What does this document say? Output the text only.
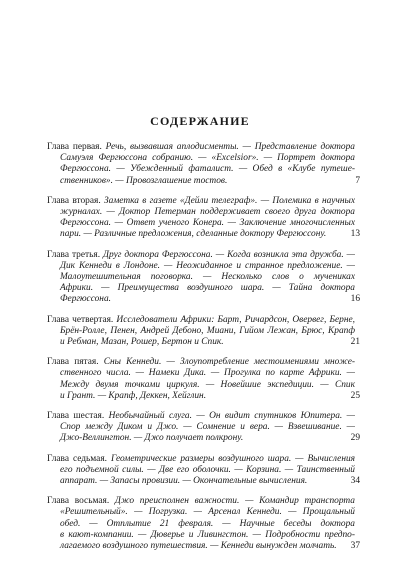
СОДЕРЖАНИЕ
Глава первая. Речь, вызвавшая аплодисменты. — Представление доктора
Самуэля Фергюссона собранию. — «Excelsior». — Портрет доктора
Фергюссона. — Убежденный фаталист. — Обед в «Клубе путеше-
ственников». — Провозглашение тостов.	7
Глава вторая. Заметка в газете «Дейли телеграф». — Полемика в научных
журналах. — Доктор Петерман поддерживает своего друга доктора
Фергюссона. — Ответ ученого Конера. — Заключение многочисленных
пари. — Различные предложения, сделанные доктору Фергюссону.	13
Глава третья. Друг доктора Фергюссона. — Когда возникла эта дружба. —
Дик Кеннеди в Лондоне. — Неожиданное и странное предложение. —
Малоутешительная поговорка. — Несколько слов о мучениках
Африки. — Преимущества воздушного шара. — Тайна доктора
Фергюссона.	16
Глава четвертая. Исследователи Африки: Барт, Ричардсон, Овервег, Берне,
Брён-Ролле, Пенен, Андрей Дебоно, Миани, Гийом Лежан, Брюс, Крапф
и Ребман, Мазан, Рошер, Бертон и Спик.	21
Глава пятая. Сны Кеннеди. — Злоупотребление местоимениями множе-
ственного числа. — Намеки Дика. — Прогулка по карте Африки. —
Между двумя точками циркуля. — Новейшие экспедиции. — Спик
и Грант. — Крапф, Деккен, Хейглин.	25
Глава шестая. Необычайный слуга. — Он видит спутников Юпитера. —
Спор между Диком и Джо. — Сомнение и вера. — Взвешивание. —
Джо-Веллингтон. — Джо получает полкрону.	29
Глава седьмая. Геометрические размеры воздушного шара. — Вычисления
его подъемной силы. — Две его оболочки. — Корзина. — Таинственный
аппарат. — Запасы провизии. — Окончательные вычисления.	34
Глава восьмая. Джо преисполнен важности. — Командир транспорта
«Решительный». — Погрузка. — Арсенал Кеннеди. — Прощальный
обед. — Отплытие 21 февраля. — Научные беседы доктора
в кают-компании. — Дюверье и Ливингстон. — Подробности предпо-
лагаемого воздушного путешествия. — Кеннеди вынужден молчать.	37
